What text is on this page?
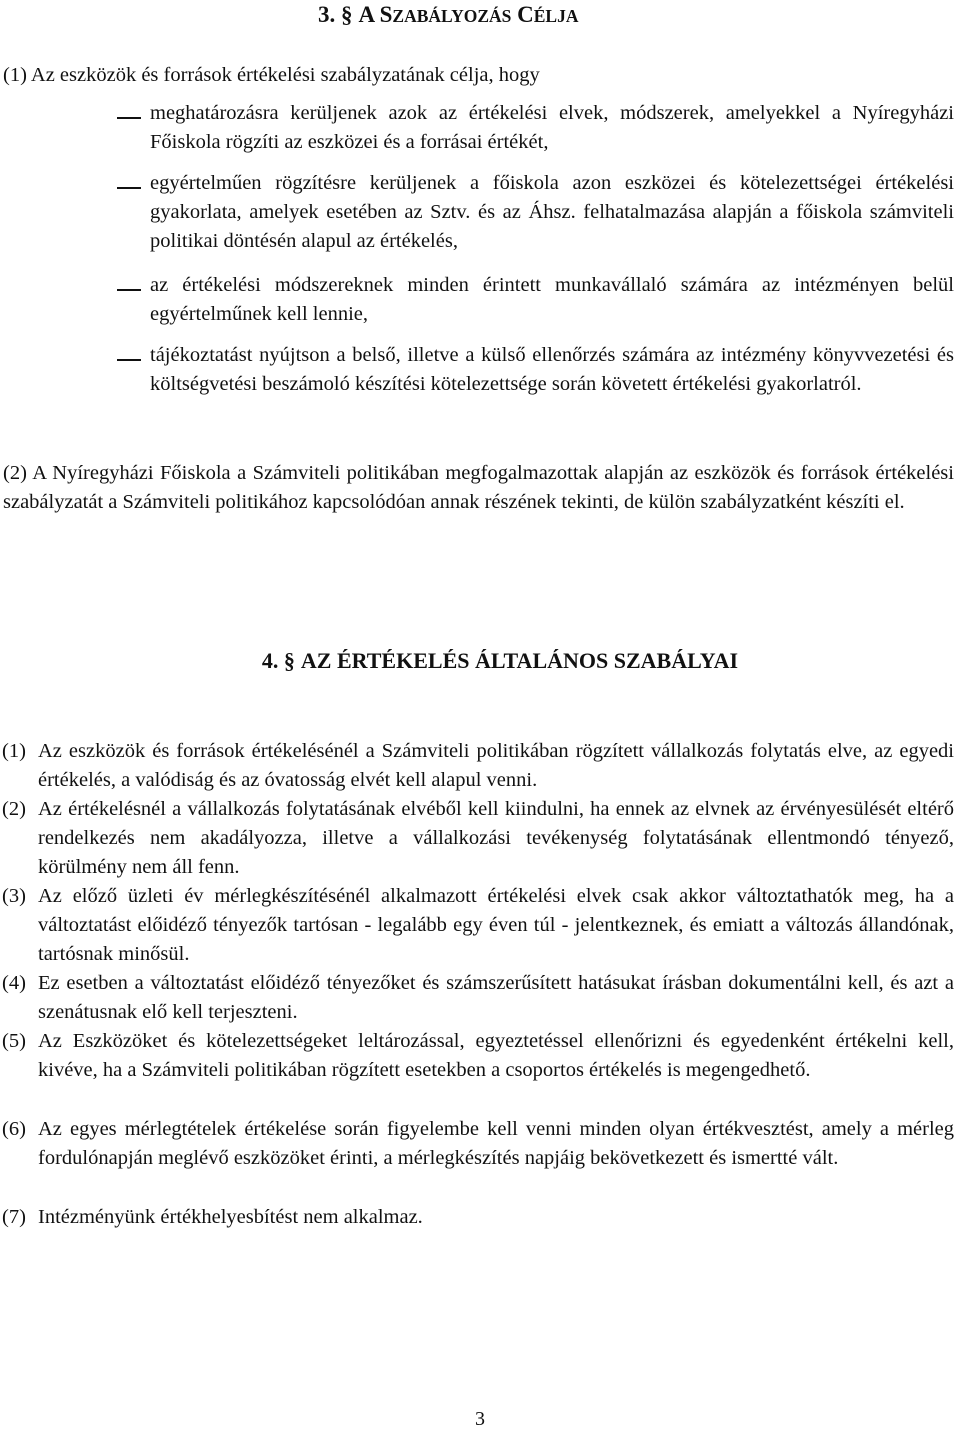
3. § A SZABÁLYOZÁS CÉLJA
(1) Az eszközök és források értékelési szabályzatának célja, hogy
meghatározásra kerüljenek azok az értékelési elvek, módszerek, amelyekkel a Nyíregyházi Főiskola rögzíti az eszközei és a forrásai értékét,
egyértelműen rögzítésre kerüljenek a főiskola azon eszközei és kötelezettségei értékelési gyakorlata, amelyek esetében az Sztv. és az Áhsz. felhatalmazása alapján a főiskola számviteli politikai döntésén alapul az értékelés,
az értékelési módszereknek minden érintett munkavállaló számára az intézményen belül egyértelműnek kell lennie,
tájékoztatást nyújtson a belső, illetve a külső ellenőrzés számára az intézmény könyvvezetési és költségvetési beszámoló készítési kötelezettsége során követett értékelési gyakorlatról.
(2) A Nyíregyházi Főiskola a Számviteli politikában megfogalmazottak alapján az eszközök és források értékelési szabályzatát a Számviteli politikához kapcsolódóan annak részének tekinti, de külön szabályzatként készíti el.
4. § AZ ÉRTÉKELÉS ÁLTALÁNOS SZABÁLYAI
(1) Az eszközök és források értékelésénél a Számviteli politikában rögzített vállalkozás folytatás elve, az egyedi értékelés, a valódiság és az óvatosság elvét kell alapul venni.
(2) Az értékelésnél a vállalkozás folytatásának elvéből kell kiindulni, ha ennek az elvnek az érvényesülését eltérő rendelkezés nem akadályozza, illetve a vállalkozási tevékenység folytatásának ellentmondó tényező, körülmény nem áll fenn.
(3) Az előző üzleti év mérlegkészítésénél alkalmazott értékelési elvek csak akkor változtathatók meg, ha a változtatást előidéző tényezők tartósan - legalább egy éven túl - jelentkeznek, és emiatt a változás állandónak, tartósnak minősül.
(4) Ez esetben a változtatást előidéző tényezőket és számszerűsített hatásukat írásban dokumentálni kell, és azt a szenátusnak elő kell terjeszteni.
(5) Az Eszközöket és kötelezettségeket leltározással, egyeztetéssel ellenőrizni és egyedenként értékelni kell, kivéve, ha a Számviteli politikában rögzített esetekben a csoportos értékelés is megengedhető.
(6) Az egyes mérlegtételek értékelése során figyelembe kell venni minden olyan értékvesztést, amely a mérleg fordulónapján meglévő eszközöket érinti, a mérlegkészítés napjáig bekövetkezett és ismertté vált.
(7) Intézményünk értékhelyesbítést nem alkalmaz.
3
